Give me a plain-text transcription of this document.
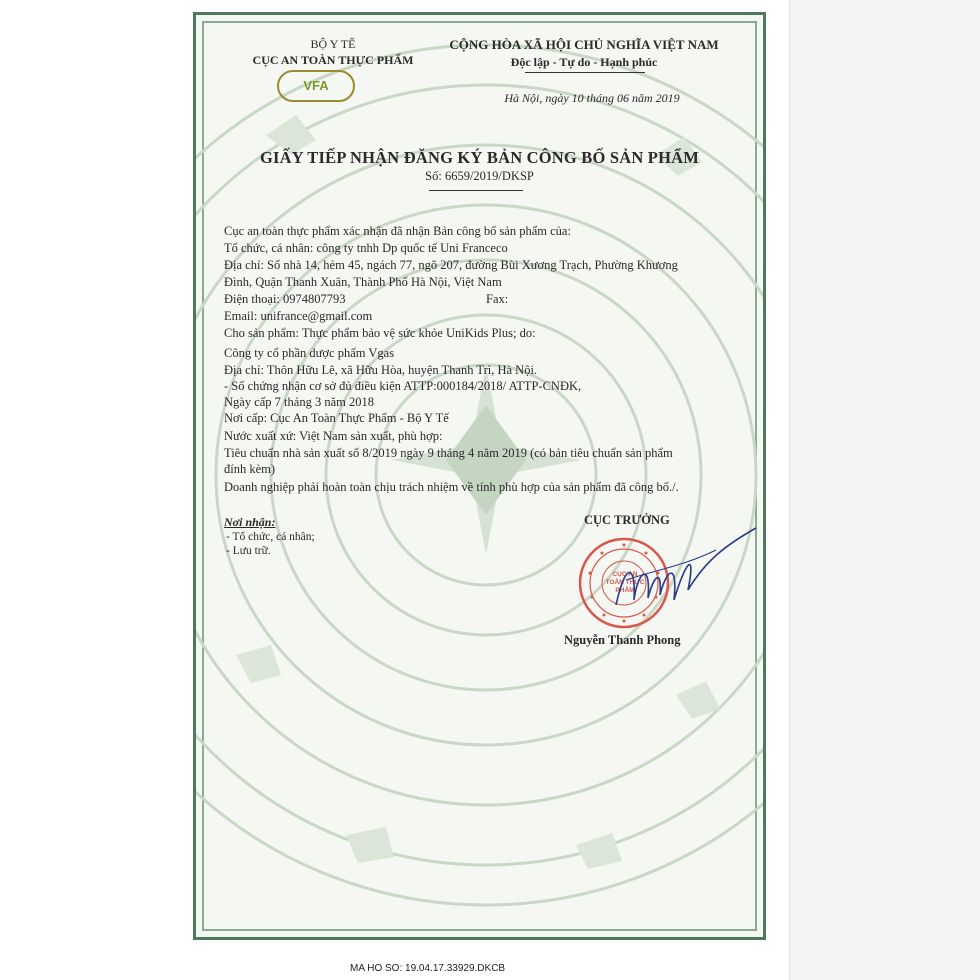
BỘ Y TẾ
CỤC AN TOÀN THỰC PHẨM
VFA
CỘNG HÒA XÃ HỘI CHỦ NGHĨA VIỆT NAM
Độc lập - Tự do - Hạnh phúc
Hà Nội, ngày 10 tháng 06 năm 2019
GIẤY TIẾP NHẬN ĐĂNG KÝ BẢN CÔNG BỐ SẢN PHẨM
Số: 6659/2019/DKSP
Cục an toàn thực phẩm xác nhận đã nhận Bản công bố sản phẩm của:
Tổ chức, cá nhân: công ty tnhh Dp quốc tế Uni Franceco
Địa chỉ: Số nhà 14, hẻm 45, ngách 77, ngõ 207, đường Bùi Xương Trạch, Phường Khương
Đình, Quận Thanh Xuân, Thành Phố Hà Nội, Việt Nam
Điện thoại: 0974807793	Fax:
Email: unifrance@gmail.com
Cho sản phẩm: Thực phẩm bảo vệ sức khỏe UniKids Plus; do:
Công ty cổ phần dược phẩm Vgas
Địa chỉ: Thôn Hữu Lê, xã Hữu Hòa, huyện Thanh Trì, Hà Nội.
- Số chứng nhận cơ sở đủ điều kiện ATTP:000184/2018/ ATTP-CNĐK,
Ngày cấp 7 tháng 3 năm 2018
Nơi cấp: Cục An Toàn Thực Phẩm - Bộ Y Tế
Nước xuất xứ: Việt Nam sản xuất, phù hợp:
Tiêu chuẩn nhà sản xuất số 8/2019 ngày 9 tháng 4 năm 2019 (có bản tiêu chuẩn sản phẩm
đính kèm)
Doanh nghiệp phải hoàn toàn chịu trách nhiệm về tính phù hợp của sản phẩm đã công bố./.
Nơi nhận:
- Tổ chức, cá nhân;
- Lưu trữ.
CỤC TRƯỞNG
CỤC AN TOÀN THỰC PHẨM
Nguyễn Thanh Phong
MA HO SO: 19.04.17.33929.DKCB
